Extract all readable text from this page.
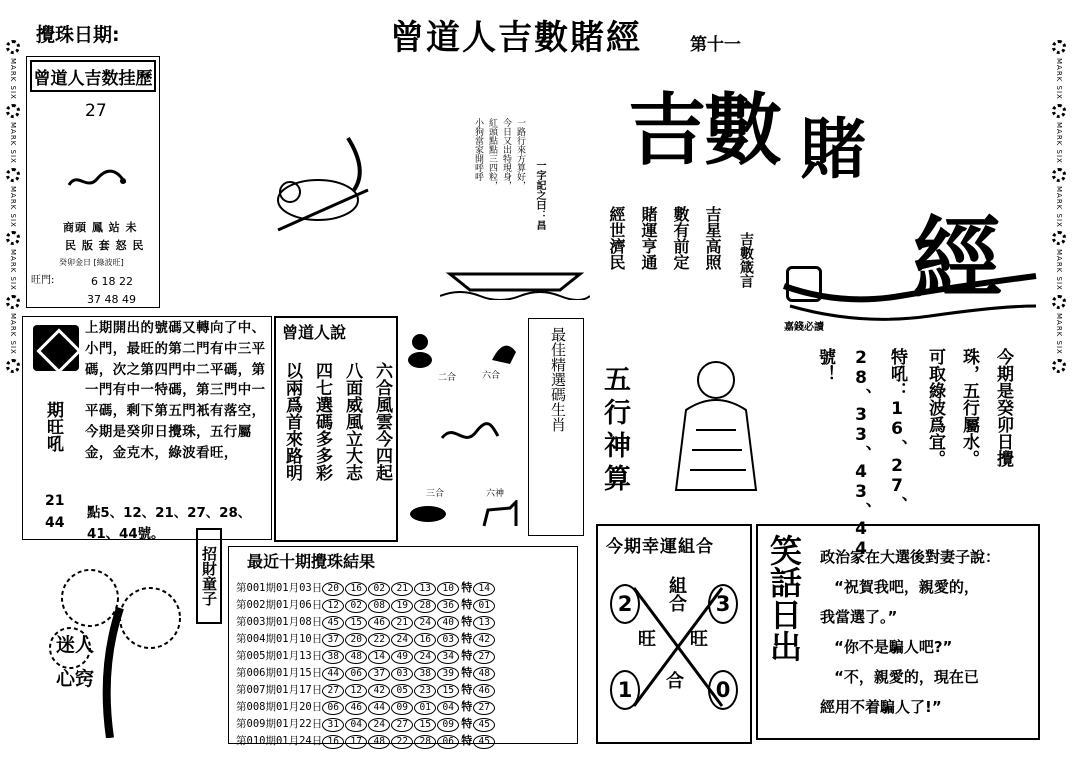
MARK SIX
MARK SIX
MARK SIX
MARK SIX
MARK SIX
MARK SIX
MARK SIX
MARK SIX
MARK SIX
MARK SIX
攪珠日期:	曾道人吉數賭經	第十一
曾道人吉数挂歷
27
商頭 鳳 站 未
民 版 套 怒 民
癸卯金日 [綠波旺]
旺門:	6 18 22
37 48 49
期旺吼
21
44
上期開出的號碼又轉向了中、小門，最旺的第二門有中三平碼，次之第四門中二平碼，第一門有中一特碼，第三門中一平碼，剩下第五門衹有落空，今期是癸卯日攪珠，五行屬金，金克木，綠波看旺，
點5、12、21、27、28、
41、44號。
曾道人說
六合風雲今四起
八面威風立大志
四七選碼多多彩
以兩爲首來路明	二合	六合
三合	六神
一字記之曰：昌
一路行來方算好，
今日又出特現身，
紅頭點點三四粒，
小狗當家開呼呼
最佳精選碼生肖
吉星高照
數有前定
賭運亨通
經世濟民	吉數箴言
吉數 賭
經
嘉錢必讀
今期是癸卯日攪
珠，五行屬水。
可取綠波爲宜。
特吼：16、27、
28、33、43、44
號！
五行神算
招財童子
迷人
心窍
最近十期攪珠結果
第001期01月03日 20 16 02 21 13 10 特 14
第002期01月06日 12 02 08 19 28 36 特 01
第003期01月08日 45 15 46 21 24 40 特 13
第004期01月10日 37 20 22 24 16 03 特 42
第005期01月13日 38 48 14 49 24 34 特 27
第006期01月15日 44 06 37 03 38 39 特 48
第007期01月17日 27 12 42 05 23 15 特 46
第008期01月20日 06 46 44 09 01 04 特 27
第009期01月22日 31 04 24 27 15 09 特 45
第010期01月24日 16 17 48 22 28 06 特 45
今期幸運組合
2	3
1	0
組合
旺 旺
合
笑話日出 政治家在大選後對妻子說：
“祝賀我吧，親愛的，
我當選了。”
“你不是騙人吧?”
“不，親愛的，現在已
經用不着騙人了!”
